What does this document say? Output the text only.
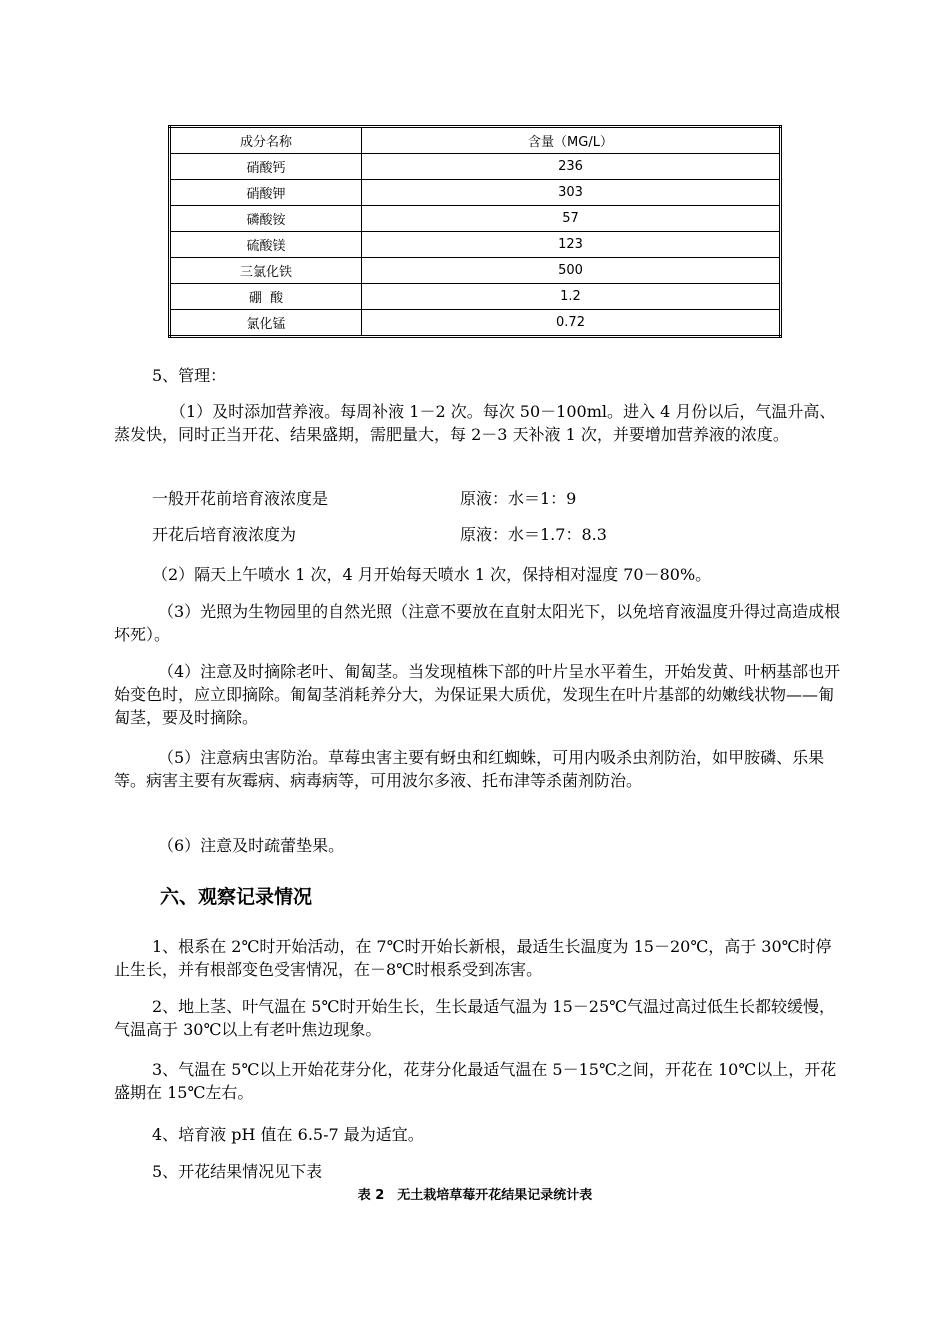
成分名称	含量（MG/L）
硝酸钙	236
硝酸钾	303
磷酸铵	57
硫酸镁	123
三氯化铁	500
硼  酸	1.2
氯化锰	0.72

5、管理：

（1）及时添加营养液。每周补液 1－2 次。每次 50－100ml。进入 4 月份以后，气温升高、蒸发快，同时正当开花、结果盛期，需肥量大，每 2－3 天补液 1 次，并要增加营养液的浓度。

一般开花前培育液浓度是	原液：水＝1：9

开花后培育液浓度为	原液：水＝1.7：8.3

（2）隔天上午喷水 1 次，4 月开始每天喷水 1 次，保持相对湿度 70－80%。

（3）光照为生物园里的自然光照（注意不要放在直射太阳光下，以免培育液温度升得过高造成根坏死）。

（4）注意及时摘除老叶、匍匐茎。当发现植株下部的叶片呈水平着生，开始发黄、叶柄基部也开始变色时，应立即摘除。匍匐茎消耗养分大，为保证果大质优，发现生在叶片基部的幼嫩线状物——匍匐茎，要及时摘除。

（5）注意病虫害防治。草莓虫害主要有蚜虫和红蜘蛛，可用内吸杀虫剂防治，如甲胺磷、乐果等。病害主要有灰霉病、病毒病等，可用波尔多液、托布津等杀菌剂防治。

（6）注意及时疏蕾垫果。

六、观察记录情况

1、根系在 2℃时开始活动，在 7℃时开始长新根，最适生长温度为 15－20℃，高于 30℃时停止生长，并有根部变色受害情况，在－8℃时根系受到冻害。

2、地上茎、叶气温在 5℃时开始生长，生长最适气温为 15－25℃气温过高过低生长都较缓慢，气温高于 30℃以上有老叶焦边现象。

3、气温在 5℃以上开始花芽分化，花芽分化最适气温在 5－15℃之间，开花在 10℃以上，开花盛期在 15℃左右。

4、培育液 pH 值在 6.5-7 最为适宜。

5、开花结果情况见下表

表 2　无土栽培草莓开花结果记录统计表
